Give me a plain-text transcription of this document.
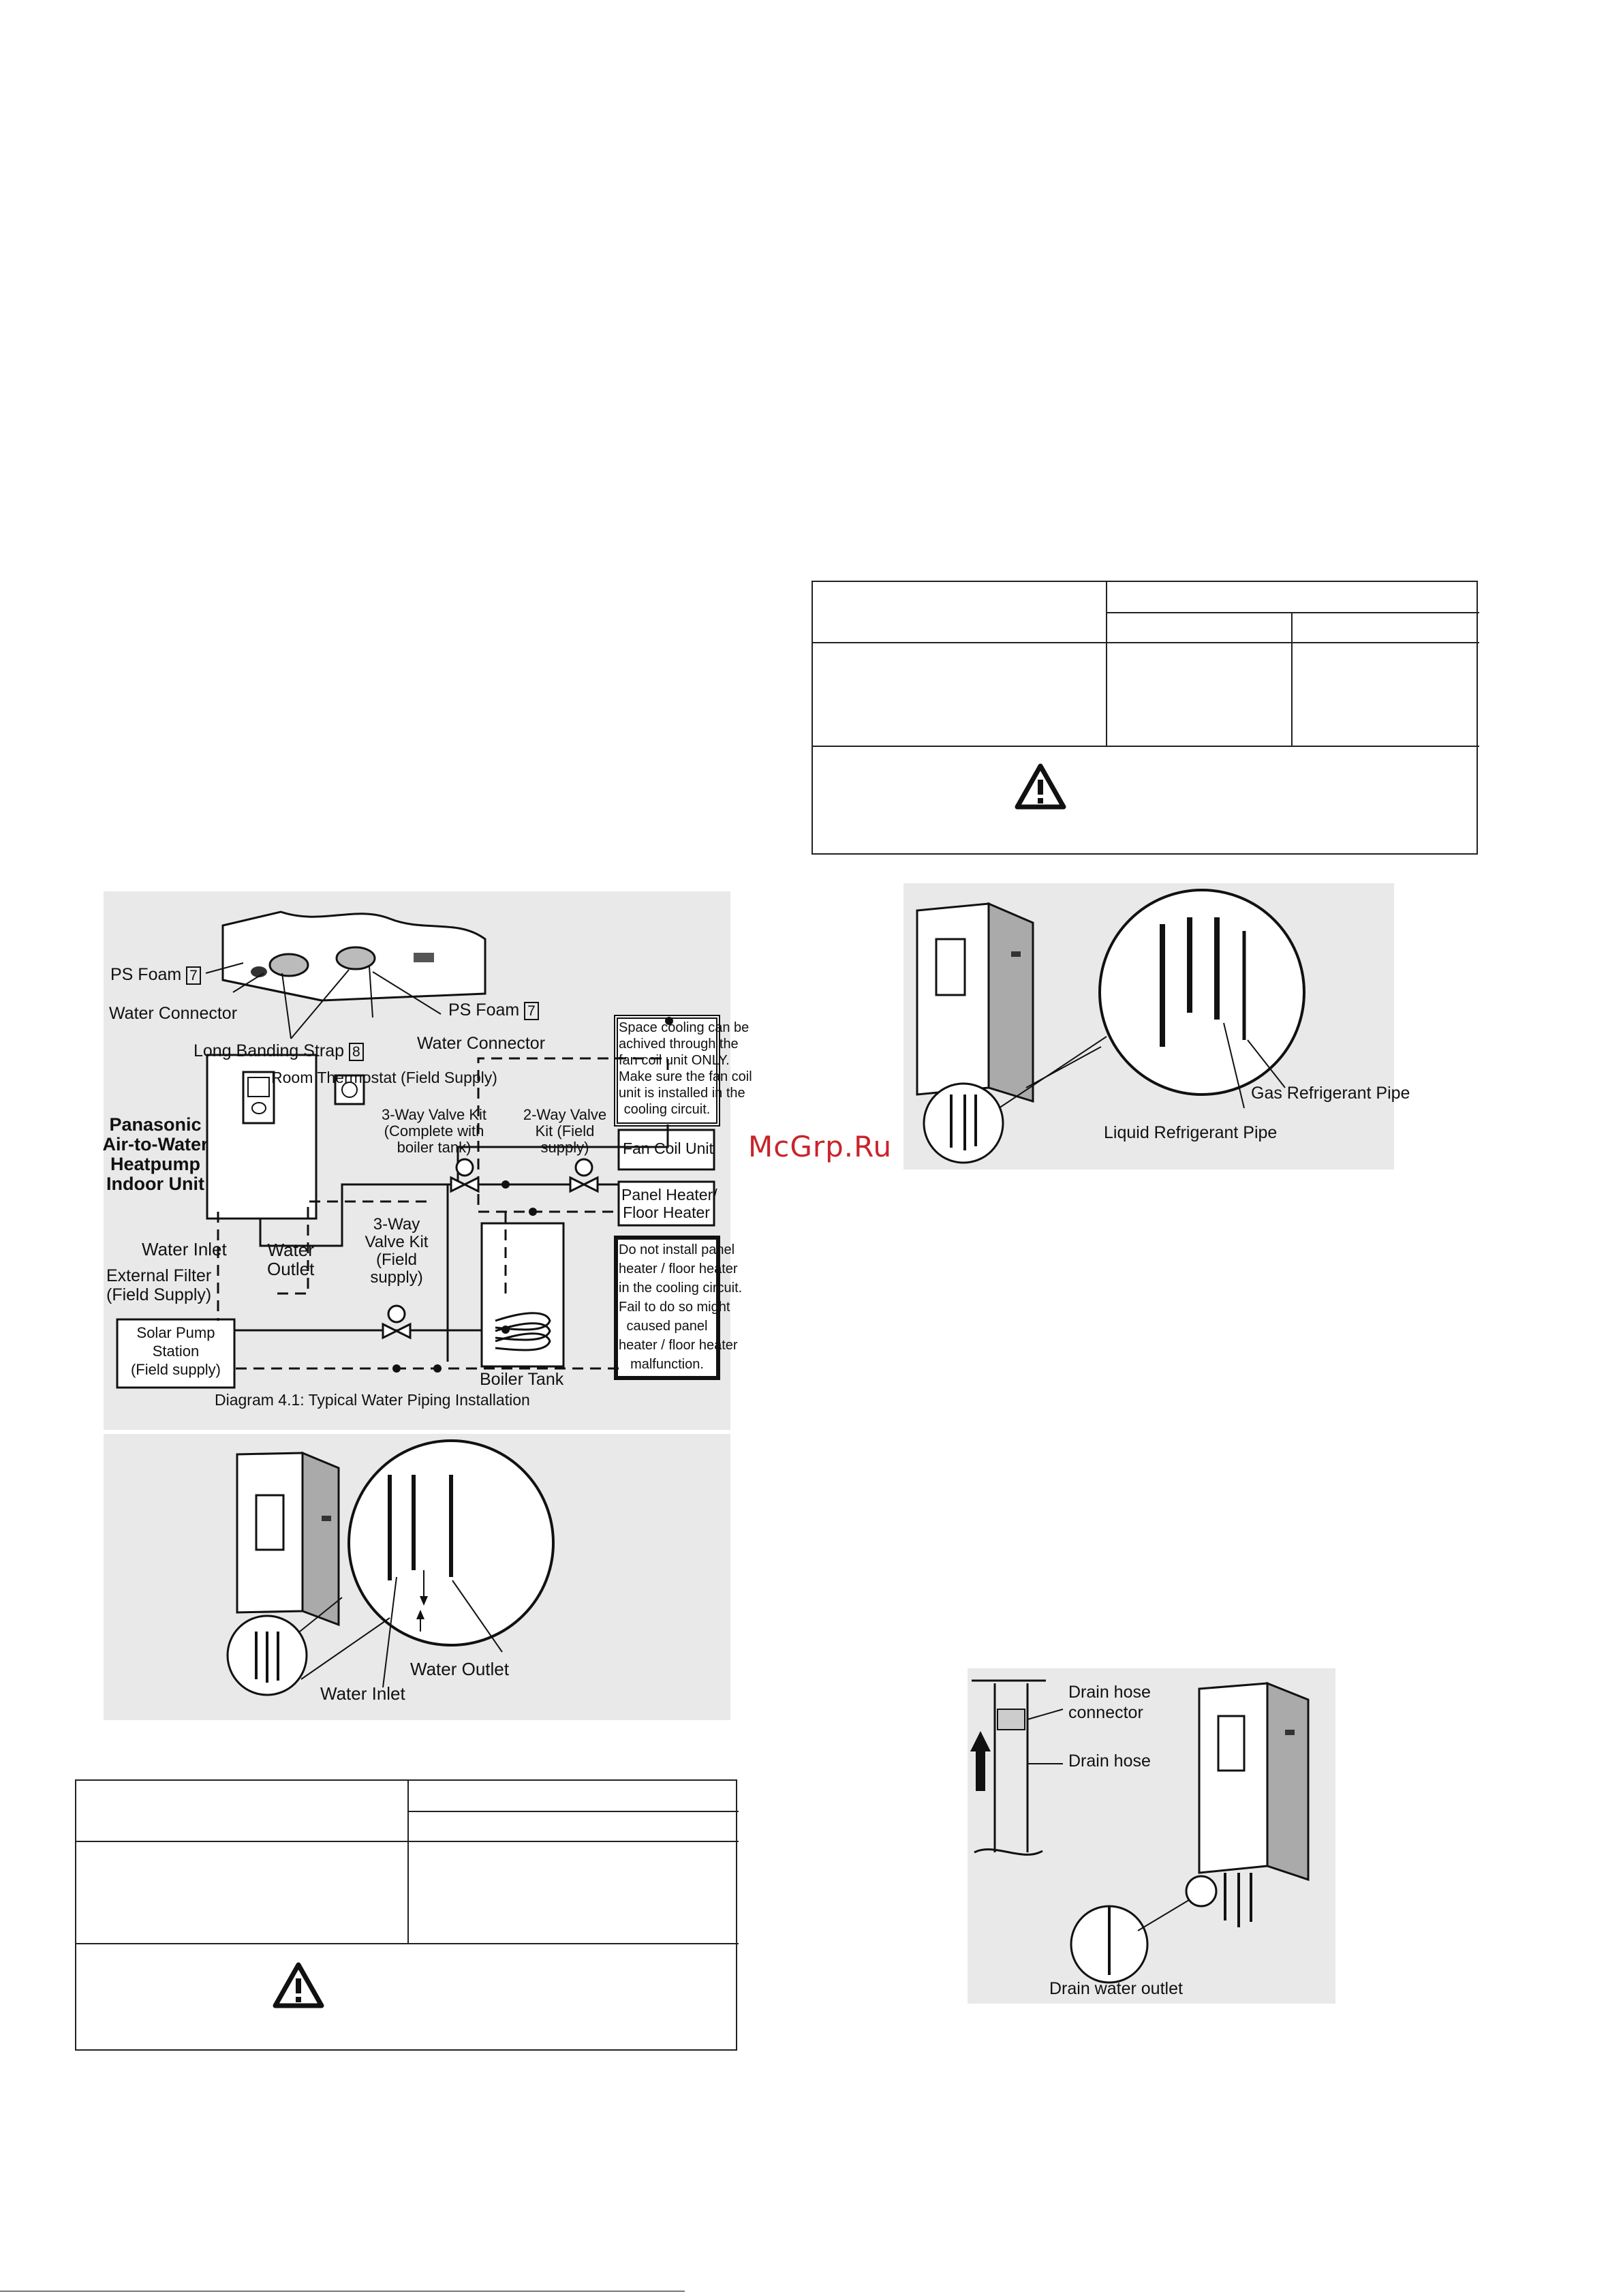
McGrp.Ru
PS Foam 7
Water Connector	PS Foam 7
Long Banding Strap 8	Water Connector
Room Thermostat (Field Supply)
Panasonic
Air-to-Water
Heatpump
Indoor Unit
3-Way Valve Kit
(Complete with
boiler tank)
2-Way Valve
Kit (Field
supply)
Space cooling can be
achived through the
fan coil unit ONLY.
Make sure the fan coil
unit is installed in the
cooling circuit.
Fan Coil Unit
Panel Heater/
Floor Heater
Water Inlet Water
Outlet
External Filter
(Field Supply)
3-Way
Valve Kit
(Field
supply)
Solar Pump
Station
(Field supply)
Do not install panel
heater / floor heater
in the cooling circuit.
Fail to do so might
caused panel
heater / floor heater
malfunction.
Boiler Tank
Diagram 4.1: Typical Water Piping Installation
Water Outlet
Water Inlet
Gas Refrigerant Pipe
Liquid Refrigerant Pipe
Drain hose
connector
Drain hose
Drain water outlet
